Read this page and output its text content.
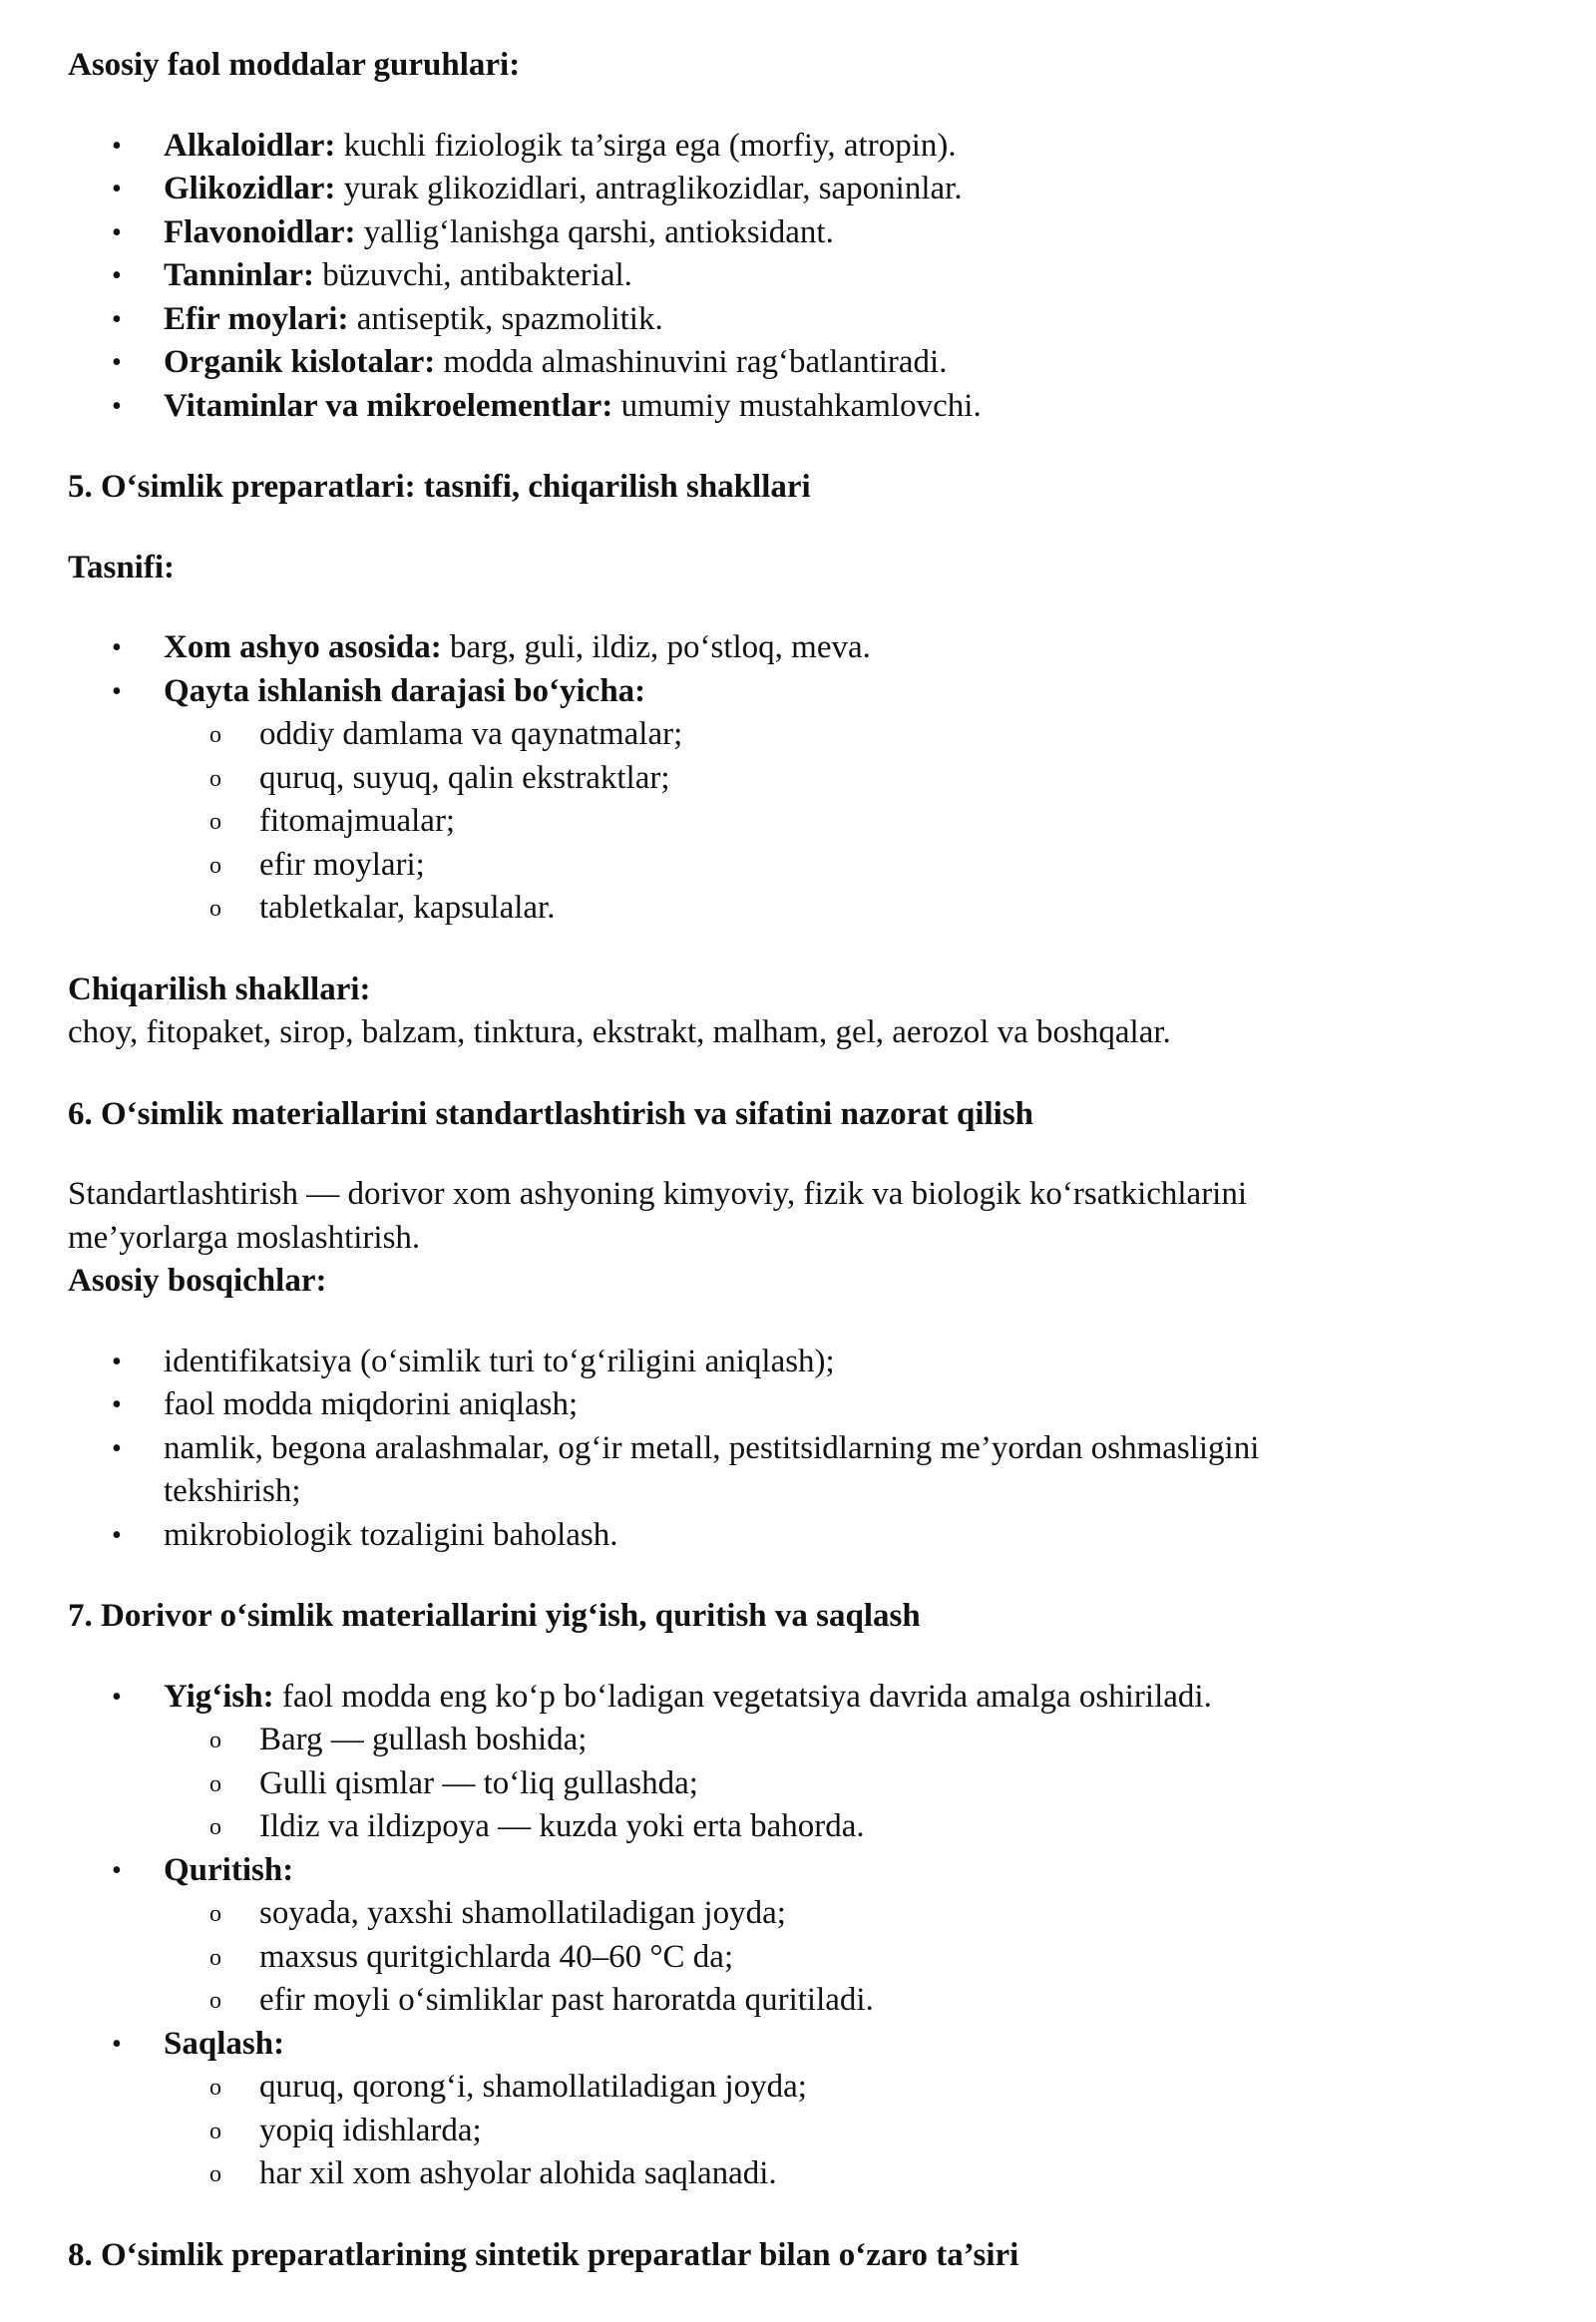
Asosiy faol moddalar guruhlari:

• Alkaloidlar: kuchli fiziologik ta’sirga ega (morfiy, atropin).
• Glikozidlar: yurak glikozidlari, antraglikozidlar, saponinlar.
• Flavonoidlar: yallig‘lanishga qarshi, antioksidant.
• Tanninlar: büzuvchi, antibakterial.
• Efir moylari: antiseptik, spazmolitik.
• Organik kislotalar: modda almashinuvini rag‘batlantiradi.
• Vitaminlar va mikroelementlar: umumiy mustahkamlovchi.

5. O‘simlik preparatlari: tasnifi, chiqarilish shakllari

Tasnifi:

• Xom ashyo asosida: barg, guli, ildiz, po‘stloq, meva.
• Qayta ishlanish darajasi bo‘yicha:
o	oddiy damlama va qaynatmalar;
o	quruq, suyuq, qalin ekstraktlar;
o	fitomajmualar;
o	efir moylari;
o	tabletkalar, kapsulalar.

Chiqarilish shakllari:

choy, fitopaket, sirop, balzam, tinktura, ekstrakt, malham, gel, aerozol va boshqalar.

6. O‘simlik materiallarini standartlashtirish va sifatini nazorat qilish

Standartlashtirish — dorivor xom ashyoning kimyoviy, fizik va biologik ko‘rsatkichlarini

me’yorlarga moslashtirish.

Asosiy bosqichlar:

• identifikatsiya (o‘simlik turi to‘g‘riligini aniqlash);
• faol modda miqdorini aniqlash;
• namlik, begona aralashmalar, og‘ir metall, pestitsidlarning me’yordan oshmasligini
tekshirish;
• mikrobiologik tozaligini baholash.

7. Dorivor o‘simlik materiallarini yig‘ish, quritish va saqlash

• Yig‘ish: faol modda eng ko‘p bo‘ladigan vegetatsiya davrida amalga oshiriladi.
o	Barg — gullash boshida;
o	Gulli qismlar — to‘liq gullashda;
o	Ildiz va ildizpoya — kuzda yoki erta bahorda.
• Quritish:
o	soyada, yaxshi shamollatiladigan joyda;
o	maxsus quritgichlarda 40–60 °C da;
o	efir moyli o‘simliklar past haroratda quritiladi.
• Saqlash:
o	quruq, qorong‘i, shamollatiladigan joyda;
o	yopiq idishlarda;
o	har xil xom ashyolar alohida saqlanadi.

8. O‘simlik preparatlarining sintetik preparatlar bilan o‘zaro ta’siri
